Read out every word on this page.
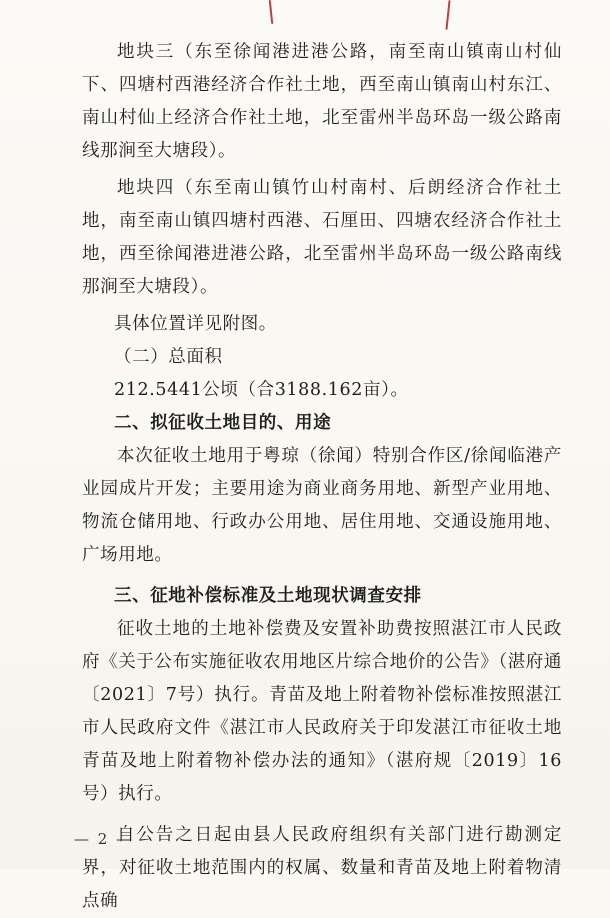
地块三（东至徐闻港进港公路，南至南山镇南山村仙下、四塘村西港经济合作社土地，西至南山镇南山村东江、南山村仙上经济合作社土地，北至雷州半岛环岛一级公路南线那涧至大塘段）。

地块四（东至南山镇竹山村南村、后朗经济合作社土地，南至南山镇四塘村西港、石厘田、四塘农经济合作社土地，西至徐闻港进港公路，北至雷州半岛环岛一级公路南线那涧至大塘段）。

具体位置详见附图。

（二）总面积

212.5441公顷（合3188.162亩）。

二、拟征收土地目的、用途

本次征收土地用于粤琼（徐闻）特别合作区/徐闻临港产业园成片开发；主要用途为商业商务用地、新型产业用地、物流仓储用地、行政办公用地、居住用地、交通设施用地、广场用地。

三、征地补偿标准及土地现状调查安排

征收土地的土地补偿费及安置补助费按照湛江市人民政府《关于公布实施征收农用地区片综合地价的公告》（湛府通〔2021〕7号）执行。青苗及地上附着物补偿标准按照湛江市人民政府文件《湛江市人民政府关于印发湛江市征收土地青苗及地上附着物补偿办法的通知》（湛府规〔2019〕16号）执行。

自公告之日起由县人民政府组织有关部门进行勘测定界，对征收土地范围内的权属、数量和青苗及地上附着物清点确

— 2 —
